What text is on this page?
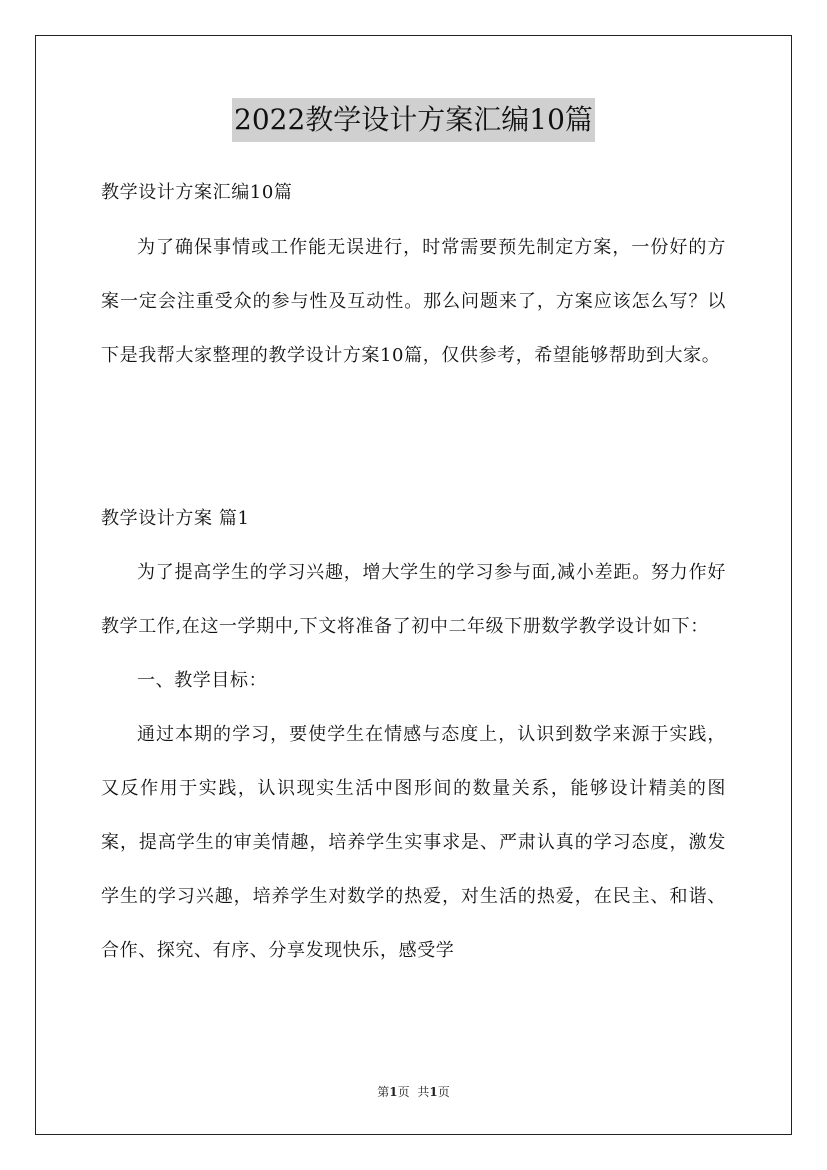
2022教学设计方案汇编10篇
教学设计方案汇编10篇

为了确保事情或工作能无误进行，时常需要预先制定方案，一份好的方案一定会注重受众的参与性及互动性。那么问题来了，方案应该怎么写？以下是我帮大家整理的教学设计方案10篇，仅供参考，希望能够帮助到大家。

教学设计方案 篇1

为了提高学生的学习兴趣，增大学生的学习参与面,减小差距。努力作好教学工作,在这一学期中,下文将准备了初中二年级下册数学教学设计如下：

一、教学目标：

通过本期的学习，要使学生在情感与态度上，认识到数学来源于实践，又反作用于实践，认识现实生活中图形间的数量关系，能够设计精美的图案，提高学生的审美情趣，培养学生实事求是、严肃认真的学习态度，激发学生的学习兴趣，培养学生对数学的热爱，对生活的热爱，在民主、和谐、合作、探究、有序、分享发现快乐，感受学

第1页 共1页
